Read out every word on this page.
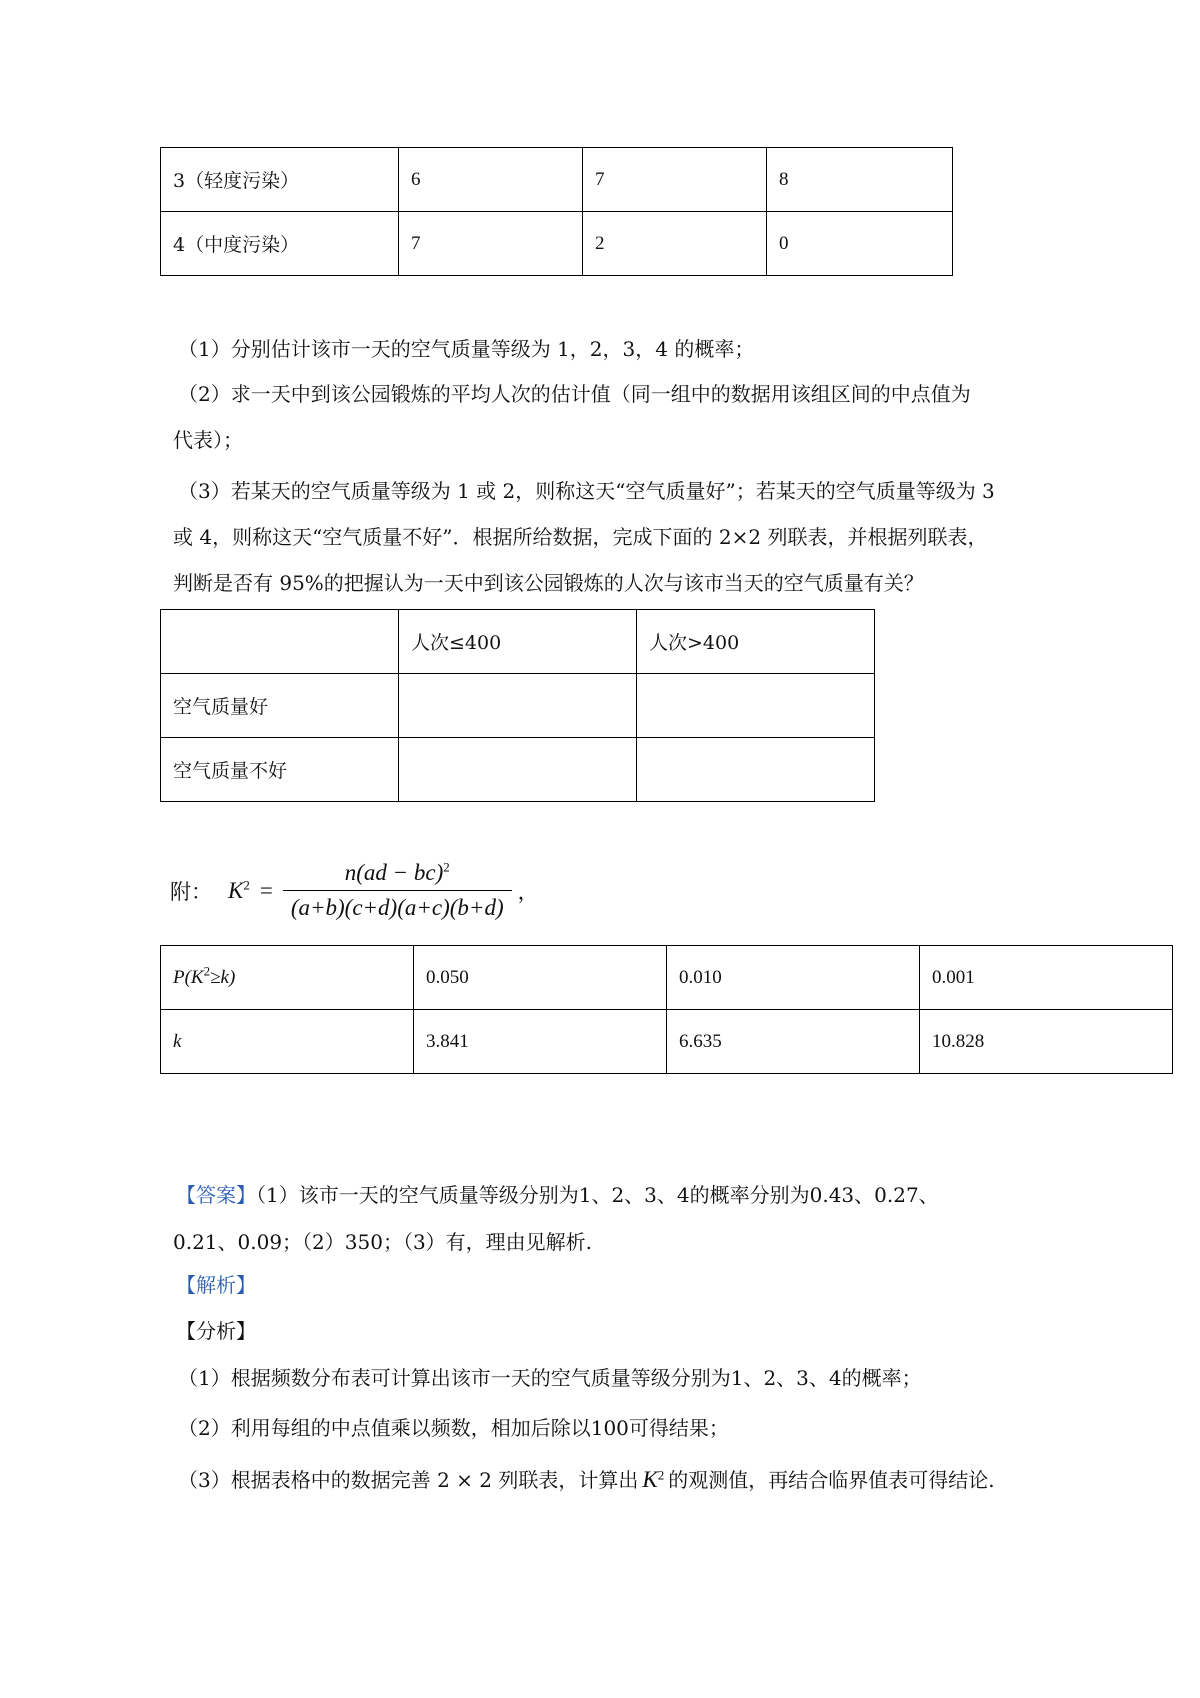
3（轻度污染）	6	7	8
4（中度污染）	7	2	0
（1）分别估计该市一天的空气质量等级为 1，2，3，4 的概率；
（2）求一天中到该公园锻炼的平均人次的估计值（同一组中的数据用该组区间的中点值为
代表）；
（3）若某天的空气质量等级为 1 或 2，则称这天“空气质量好”；若某天的空气质量等级为 3
或 4，则称这天“空气质量不好”．根据所给数据，完成下面的 2×2 列联表，并根据列联表，
判断是否有 95%的把握认为一天中到该公园锻炼的人次与该市当天的空气质量有关？
	人次≤400	人次>400
空气质量好		
空气质量不好		
附： $K^2 = \frac{n(ad - bc)^2}{(a+b)(c+d)(a+c)(b+d)}$ ，
$P(K^2\ge k)$	0.050	0.010	0.001
k	3.841	6.635	10.828
【答案】（1）该市一天的空气质量等级分别为1、2、3、4的概率分别为0.43、0.27、
0.21、0.09；（2）350；（3）有，理由见解析.
【解析】
【分析】
（1）根据频数分布表可计算出该市一天的空气质量等级分别为1、2、3、4的概率；
（2）利用每组的中点值乘以频数，相加后除以100可得结果；
（3）根据表格中的数据完善 2 × 2 列联表，计算出 $K^2$ 的观测值，再结合临界值表可得结论.
